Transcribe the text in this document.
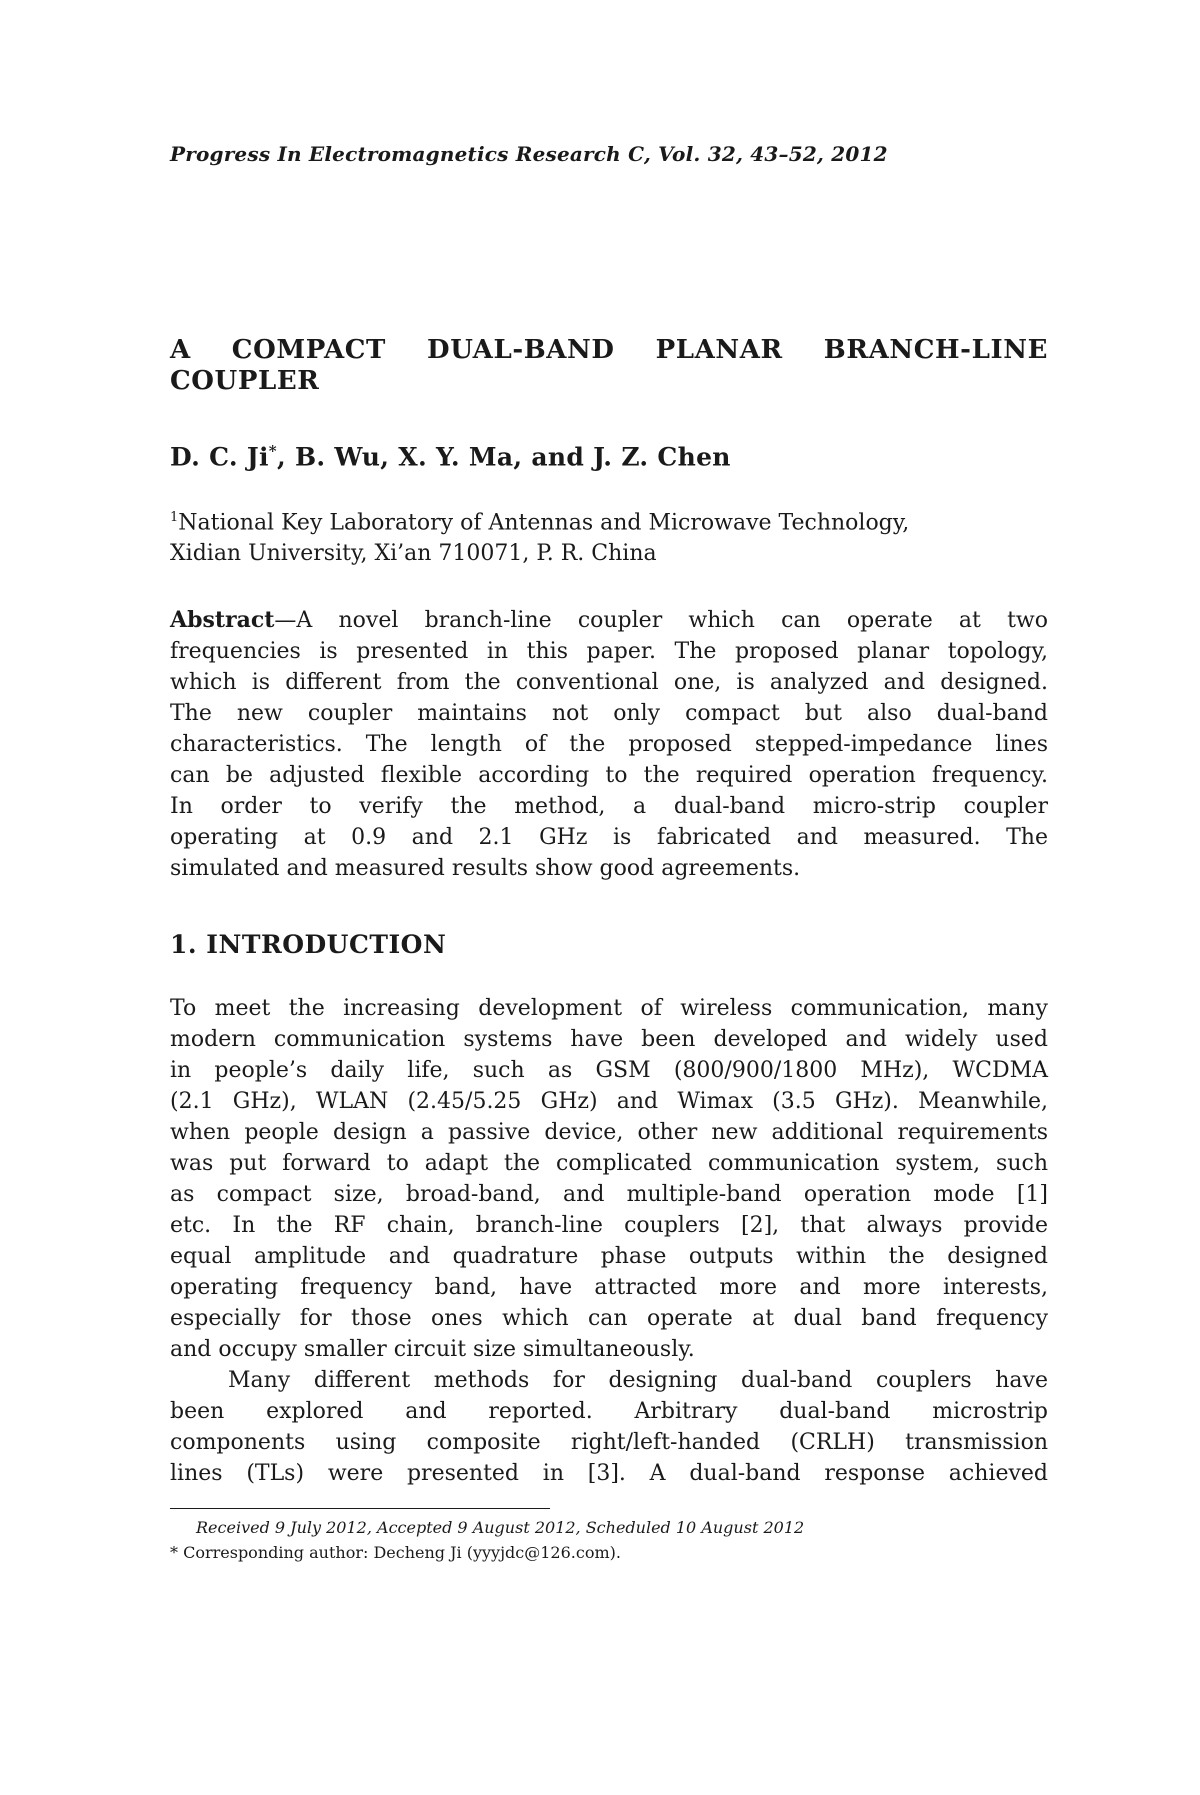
Progress In Electromagnetics Research C, Vol. 32, 43–52, 2012
A COMPACT DUAL-BAND PLANAR BRANCH-LINE
COUPLER
D. C. Ji*, B. Wu, X. Y. Ma, and J. Z. Chen
$^1$National Key Laboratory of Antennas and Microwave Technology,
Xidian University, Xi’an 710071, P. R. China
Abstract—A novel branch-line coupler which can operate at two
frequencies is presented in this paper. The proposed planar topology,
which is different from the conventional one, is analyzed and designed.
The new coupler maintains not only compact but also dual-band
characteristics. The length of the proposed stepped-impedance lines
can be adjusted flexible according to the required operation frequency.
In order to verify the method, a dual-band micro-strip coupler
operating at 0.9 and 2.1 GHz is fabricated and measured. The
simulated and measured results show good agreements.
1. INTRODUCTION
To meet the increasing development of wireless communication, many
modern communication systems have been developed and widely used
in people’s daily life, such as GSM (800/900/1800 MHz), WCDMA
(2.1 GHz), WLAN (2.45/5.25 GHz) and Wimax (3.5 GHz). Meanwhile,
when people design a passive device, other new additional requirements
was put forward to adapt the complicated communication system, such
as compact size, broad-band, and multiple-band operation mode [1]
etc. In the RF chain, branch-line couplers [2], that always provide
equal amplitude and quadrature phase outputs within the designed
operating frequency band, have attracted more and more interests,
especially for those ones which can operate at dual band frequency
and occupy smaller circuit size simultaneously.
Many different methods for designing dual-band couplers have
been explored and reported. Arbitrary dual-band microstrip
components using composite right/left-handed (CRLH) transmission
lines (TLs) were presented in [3]. A dual-band response achieved
Received 9 July 2012, Accepted 9 August 2012, Scheduled 10 August 2012
* Corresponding author: Decheng Ji (yyyjdc@126.com).
